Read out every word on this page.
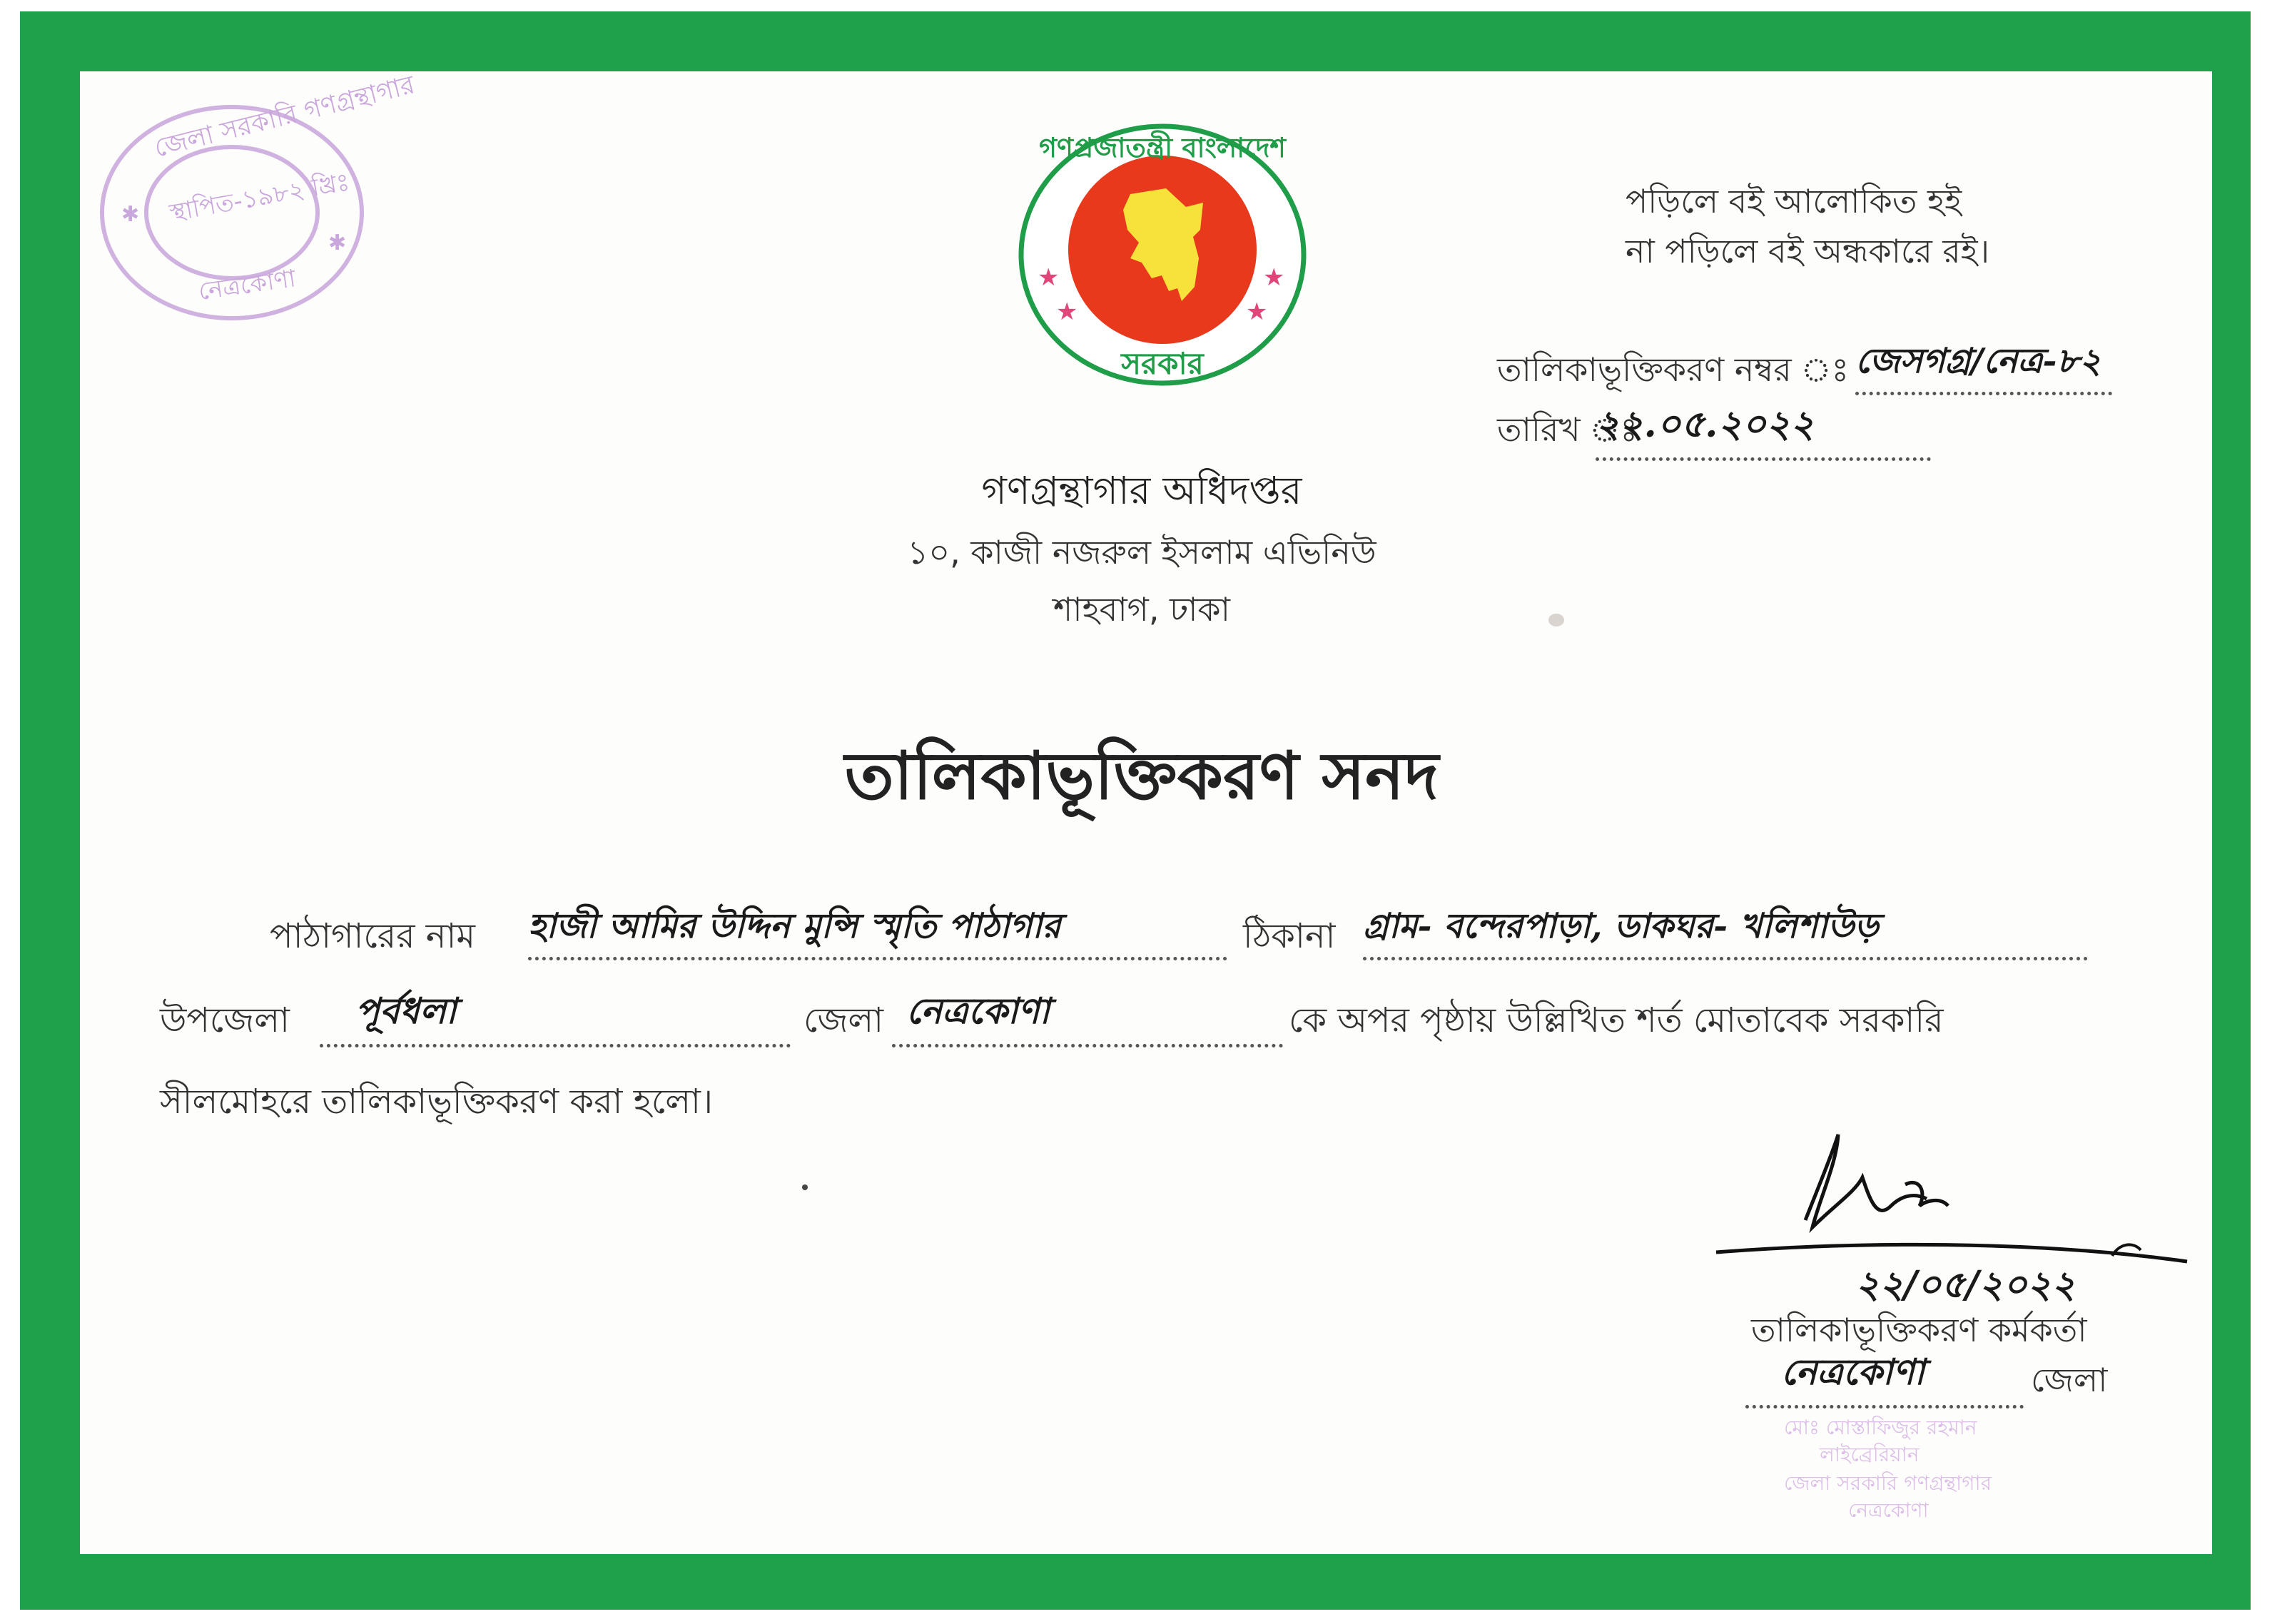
জেলা সরকারি গণগ্রন্থাগার
স্থাপিত-১৯৮২ খ্রিঃ
নেত্রকোণা
✱
✱
গণপ্রজাতন্ত্রী বাংলাদেশ
সরকার
★
★
★
★
পড়িলে বই আলোকিত হই
না পড়িলে বই অন্ধকারে রই।
তালিকাভূক্তিকরণ নম্বর ঃ জেসগগ্র/নেত্র-৮২
তারিখ ঃ
২২.০৫.২০২২
গণগ্রন্থাগার অধিদপ্তর
১০, কাজী নজরুল ইসলাম এভিনিউ
শাহবাগ, ঢাকা
তালিকাভূক্তিকরণ সনদ
পাঠাগারের নাম হাজী আমির উদ্দিন মুন্সি স্মৃতি পাঠাগার	ঠিকানা গ্রাম- বন্দেরপাড়া, ডাকঘর- খলিশাউড়
উপজেলা	পূর্বধলা	জেলা নেত্রকোণা	কে অপর পৃষ্ঠায় উল্লিখিত শর্ত মোতাবেক সরকারি
সীলমোহরে তালিকাভূক্তিকরণ করা হলো।
২২/০৫/২০২২
তালিকাভূক্তিকরণ কর্মকর্তা
নেত্রকোণা	জেলা
মোঃ মোস্তাফিজুর রহমান
লাইব্রেরিয়ান
জেলা সরকারি গণগ্রন্থাগার
নেত্রকোণা
